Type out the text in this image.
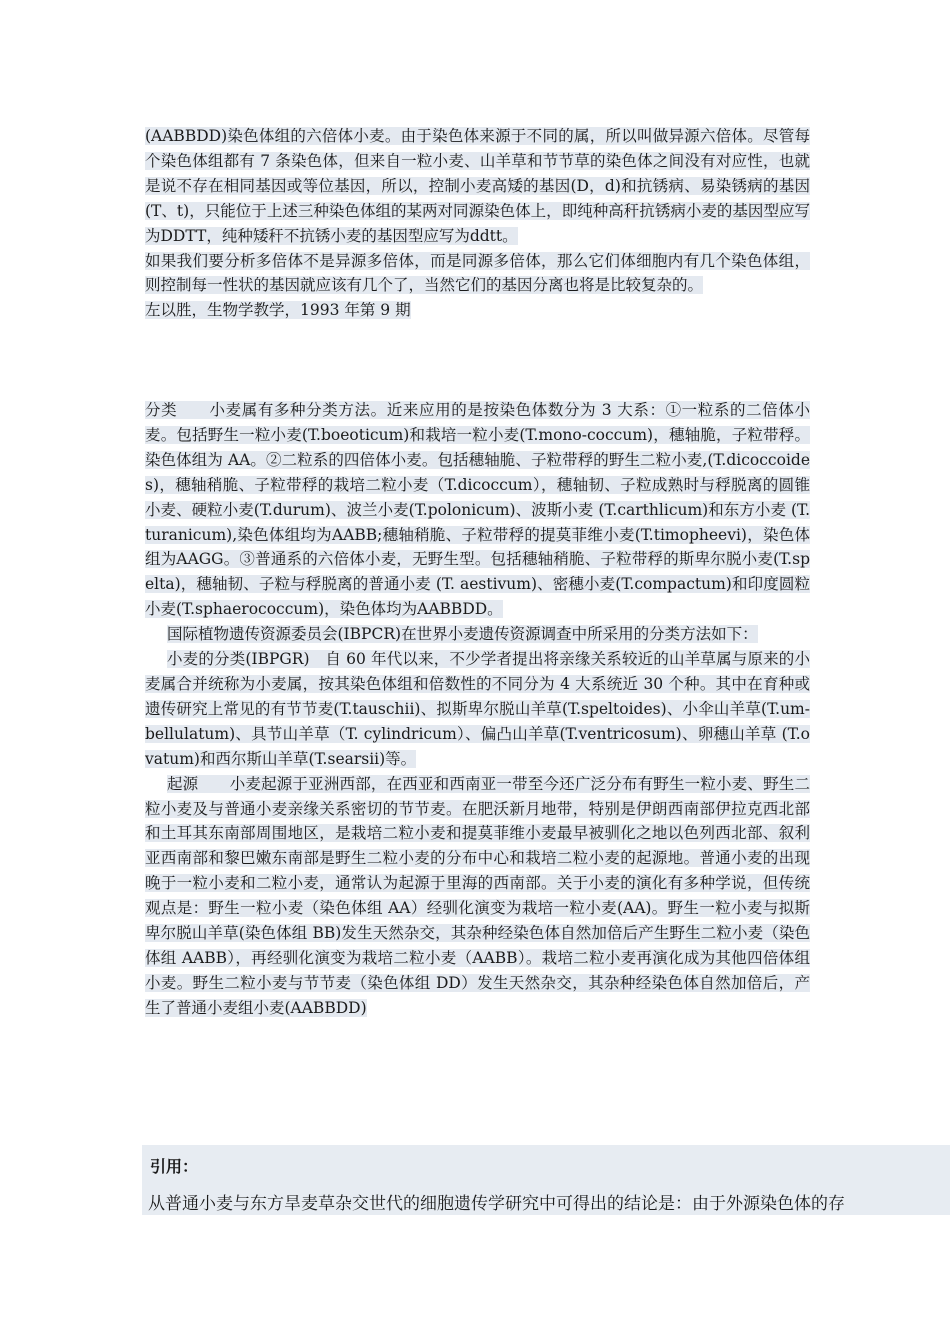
(AABBDD)染色体组的六倍体小麦。由于染色体来源于不同的属，所以叫做异源六倍体。尽管每个染色体组都有 7 条染色体，但来自一粒小麦、山羊草和节节草的染色体之间没有对应性，也就是说不存在相同基因或等位基因，所以，控制小麦高矮的基因(D，d)和抗锈病、易染锈病的基因(T、t)，只能位于上述三种染色体组的某两对同源染色体上，即纯种高秆抗锈病小麦的基因型应写为DDTT，纯种矮秆不抗锈小麦的基因型应写为ddtt。

如果我们要分析多倍体不是异源多倍体，而是同源多倍体，那么它们体细胞内有几个染色体组，则控制每一性状的基因就应该有几个了，当然它们的基因分离也将是比较复杂的。

左以胜，生物学教学，1993 年第 9 期

分类　　小麦属有多种分类方法。近来应用的是按染色体数分为 3 大系：①一粒系的二倍体小麦。包括野生一粒小麦(T.boeoticum)和栽培一粒小麦(T.mono-coccum)，穗轴脆，子粒带稃。染色体组为 AA。②二粒系的四倍体小麦。包括穗轴脆、子粒带稃的野生二粒小麦,(T.dicoccoides)，穗轴稍脆、子粒带稃的栽培二粒小麦（T.dicoccum），穗轴韧、子粒成熟时与稃脱离的圆锥小麦、硬粒小麦(T.durum)、波兰小麦(T.polonicum)、波斯小麦 (T.carthlicum)和东方小麦 (T.turanicum),染色体组均为AABB;穗轴稍脆、子粒带稃的提莫菲维小麦(T.timopheevi)，染色体组为AAGG。③普通系的六倍体小麦，无野生型。包括穗轴稍脆、子粒带稃的斯卑尔脱小麦(T.spelta)，穗轴韧、子粒与稃脱离的普通小麦 (T. aestivum)、密穗小麦(T.compactum)和印度圆粒小麦(T.sphaerococcum)，染色体均为AABBDD。

国际植物遗传资源委员会(IBPCR)在世界小麦遗传资源调查中所采用的分类方法如下：

小麦的分类(IBPGR)　自 60 年代以来，不少学者提出将亲缘关系较近的山羊草属与原来的小麦属合并统称为小麦属，按其染色体组和倍数性的不同分为 4 大系统近 30 个种。其中在育种或遗传研究上常见的有节节麦(T.tauschii)、拟斯卑尔脱山羊草(T.speltoides)、小伞山羊草(T.um-bellulatum)、具节山羊草（T. cylindricum）、偏凸山羊草(T.ventricosum)、卵穗山羊草 (T.ovatum)和西尔斯山羊草(T.searsii)等。

起源　　小麦起源于亚洲西部，在西亚和西南亚一带至今还广泛分布有野生一粒小麦、野生二粒小麦及与普通小麦亲缘关系密切的节节麦。在肥沃新月地带，特别是伊朗西南部伊拉克西北部和土耳其东南部周围地区，是栽培二粒小麦和提莫菲维小麦最早被驯化之地以色列西北部、叙利亚西南部和黎巴嫩东南部是野生二粒小麦的分布中心和栽培二粒小麦的起源地。普通小麦的出现晚于一粒小麦和二粒小麦，通常认为起源于里海的西南部。关于小麦的演化有多种学说，但传统观点是：野生一粒小麦（染色体组 AA）经驯化演变为栽培一粒小麦(AA)。野生一粒小麦与拟斯卑尔脱山羊草(染色体组 BB)发生天然杂交，其杂种经染色体自然加倍后产生野生二粒小麦（染色体组 AABB），再经驯化演变为栽培二粒小麦（AABB）。栽培二粒小麦再演化成为其他四倍体组小麦。野生二粒小麦与节节麦（染色体组 DD）发生天然杂交，其杂种经染色体自然加倍后，产生了普通小麦组小麦(AABBDD)

引用：
从普通小麦与东方旱麦草杂交世代的细胞遗传学研究中可得出的结论是：由于外源染色体的存
